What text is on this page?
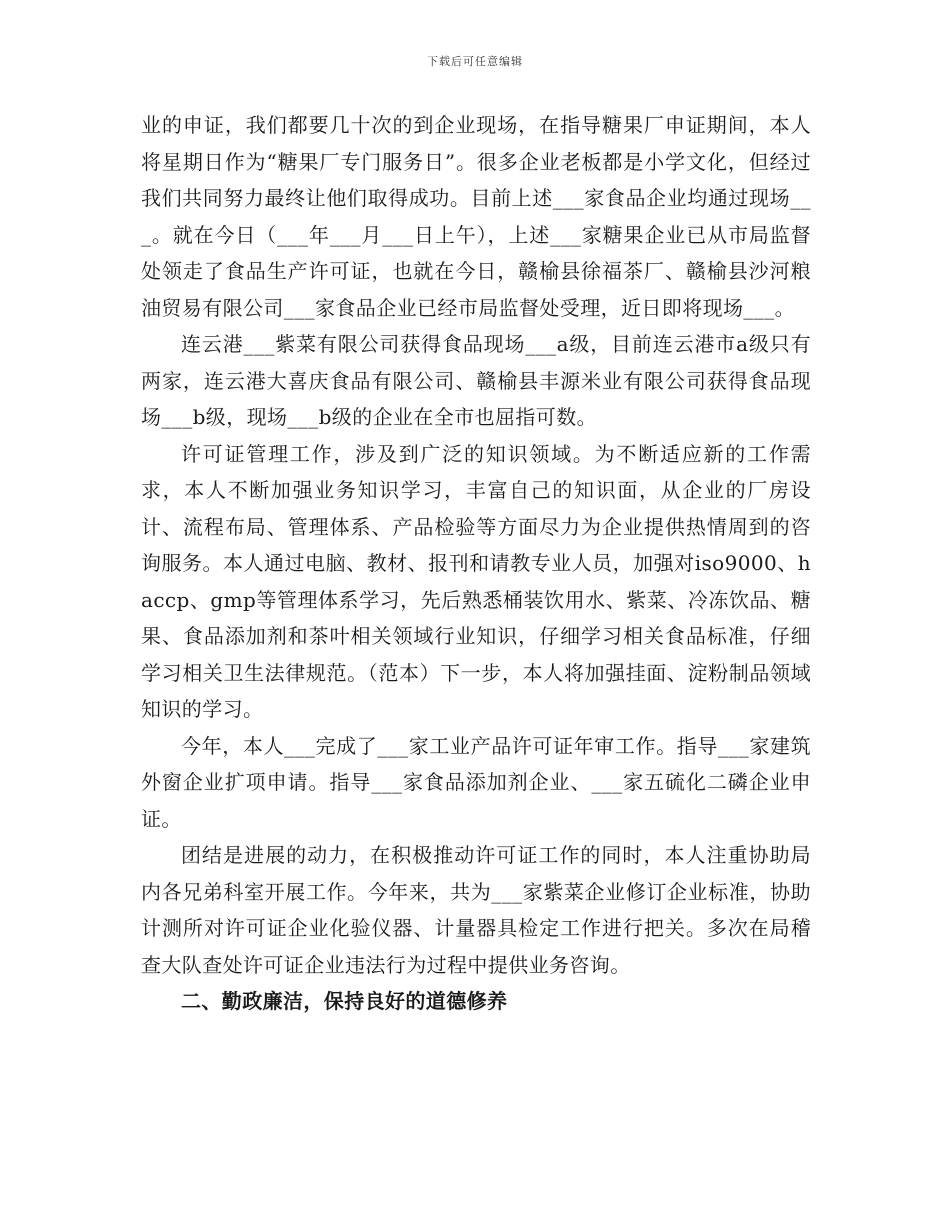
下载后可任意编辑

业的申证，我们都要几十次的到企业现场，在指导糖果厂申证期间，本人将星期日作为“糖果厂专门服务日”。很多企业老板都是小学文化，但经过我们共同努力最终让他们取得成功。目前上述___家食品企业均通过现场___。就在今日（___年___月___日上午），上述___家糖果企业已从市局监督处领走了食品生产许可证，也就在今日，赣榆县徐福茶厂、赣榆县沙河粮油贸易有限公司___家食品企业已经市局监督处受理，近日即将现场___。

连云港___紫菜有限公司获得食品现场___a级，目前连云港市a级只有两家，连云港大喜庆食品有限公司、赣榆县丰源米业有限公司获得食品现场___b级，现场___b级的企业在全市也屈指可数。

许可证管理工作，涉及到广泛的知识领域。为不断适应新的工作需求，本人不断加强业务知识学习，丰富自己的知识面，从企业的厂房设计、流程布局、管理体系、产品检验等方面尽力为企业提供热情周到的咨询服务。本人通过电脑、教材、报刊和请教专业人员，加强对iso9000、haccp、gmp等管理体系学习，先后熟悉桶装饮用水、紫菜、冷冻饮品、糖果、食品添加剂和茶叶相关领域行业知识，仔细学习相关食品标准，仔细学习相关卫生法律规范。（范本）下一步，本人将加强挂面、淀粉制品领域知识的学习。

今年，本人___完成了___家工业产品许可证年审工作。指导___家建筑外窗企业扩项申请。指导___家食品添加剂企业、___家五硫化二磷企业申证。

团结是进展的动力，在积极推动许可证工作的同时，本人注重协助局内各兄弟科室开展工作。今年来，共为___家紫菜企业修订企业标准，协助计测所对许可证企业化验仪器、计量器具检定工作进行把关。多次在局稽查大队查处许可证企业违法行为过程中提供业务咨询。

二、勤政廉洁，保持良好的道德修养
